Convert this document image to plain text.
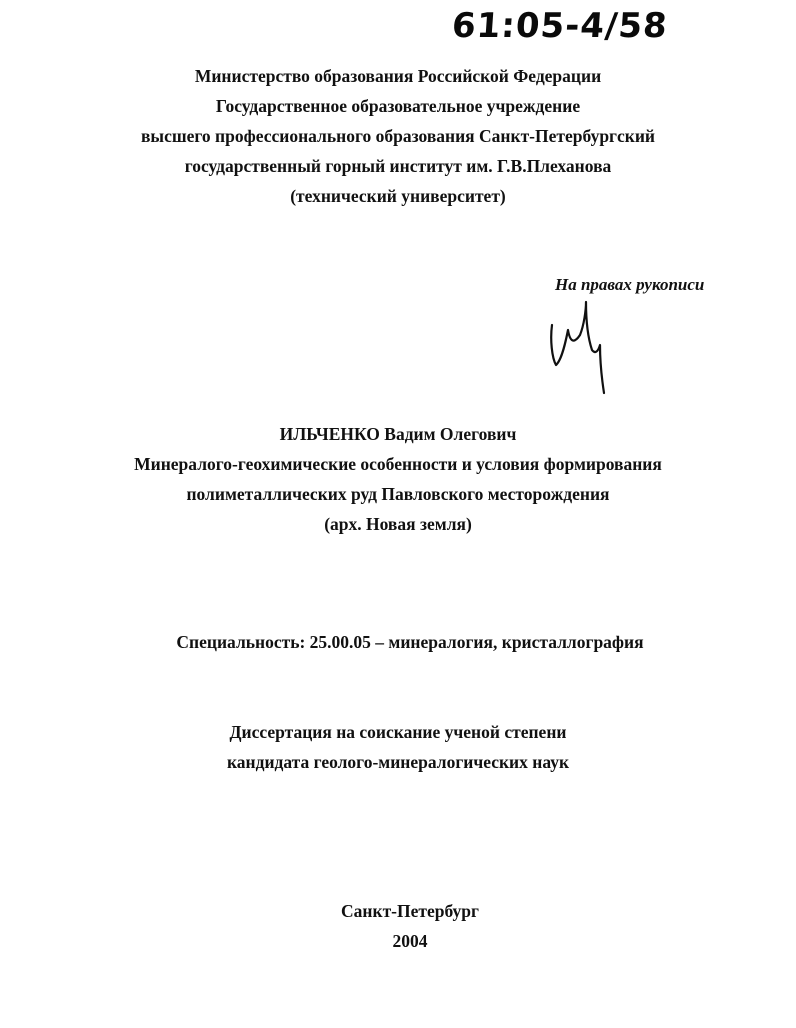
61:05-4/58
Министерство образования Российской Федерации
Государственное образовательное учреждение
высшего профессионального образования Санкт-Петербургский
государственный горный институт им. Г.В.Плеханова
(технический университет)
На правах рукописи
ИЛЬЧЕНКО Вадим Олегович
Минералого-геохимические особенности и условия формирования
полиметаллических руд Павловского месторождения
(арх. Новая земля)
Специальность: 25.00.05 – минералогия, кристаллография
Диссертация на соискание ученой степени
кандидата геолого-минералогических наук
Санкт-Петербург
2004
